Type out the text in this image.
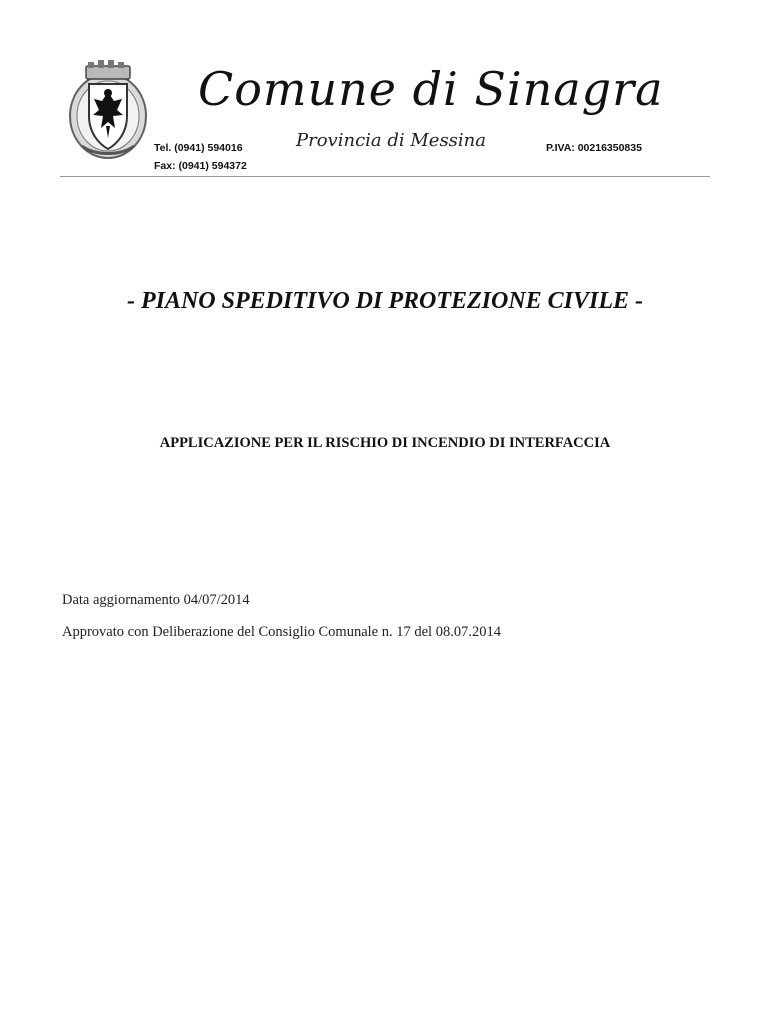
Comune di Sinagra
Provincia di Messina
Tel. (0941) 594016
Fax: (0941) 594372
P.IVA: 00216350835
- PIANO SPEDITIVO DI PROTEZIONE CIVILE -
APPLICAZIONE PER IL RISCHIO DI INCENDIO DI INTERFACCIA
Data aggiornamento 04/07/2014
Approvato con Deliberazione del Consiglio Comunale n. 17 del 08.07.2014
